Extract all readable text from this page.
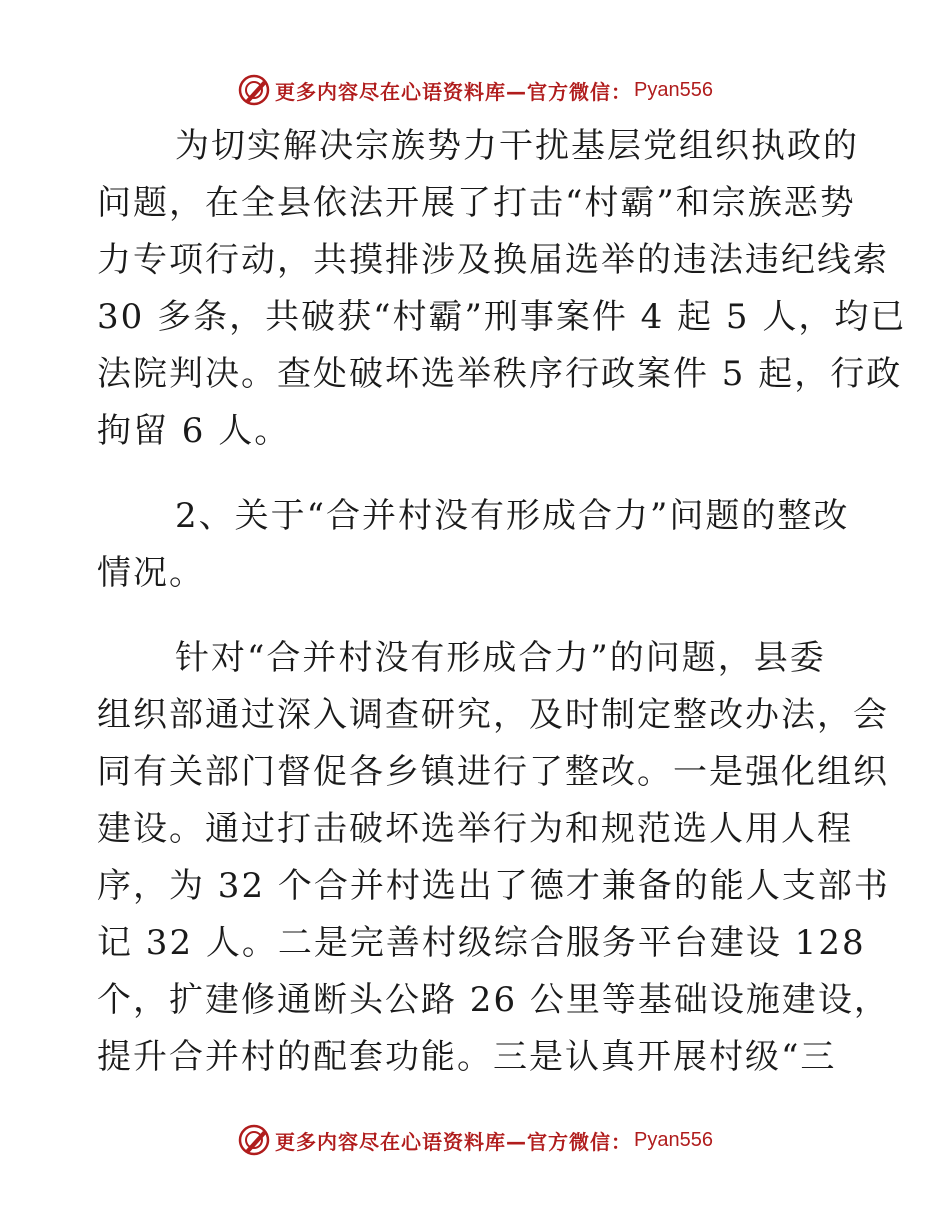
更多内容尽在心语资料库—官方微信： Pyan556

为切实解决宗族势力干扰基层党组织执政的
问题，在全县依法开展了打击“村霸”和宗族恶势
力专项行动，共摸排涉及换届选举的违法违纪线索
30 多条，共破获“村霸”刑事案件 4 起 5 人，均已
法院判决。查处破坏选举秩序行政案件 5 起，行政
拘留 6 人。

2、关于“合并村没有形成合力”问题的整改
情况。

针对“合并村没有形成合力”的问题，县委
组织部通过深入调查研究，及时制定整改办法，会
同有关部门督促各乡镇进行了整改。一是强化组织
建设。通过打击破坏选举行为和规范选人用人程
序，为 32 个合并村选出了德才兼备的能人支部书
记 32 人。二是完善村级综合服务平台建设 128
个，扩建修通断头公路 26 公里等基础设施建设，
提升合并村的配套功能。三是认真开展村级“三

更多内容尽在心语资料库—官方微信： Pyan556
